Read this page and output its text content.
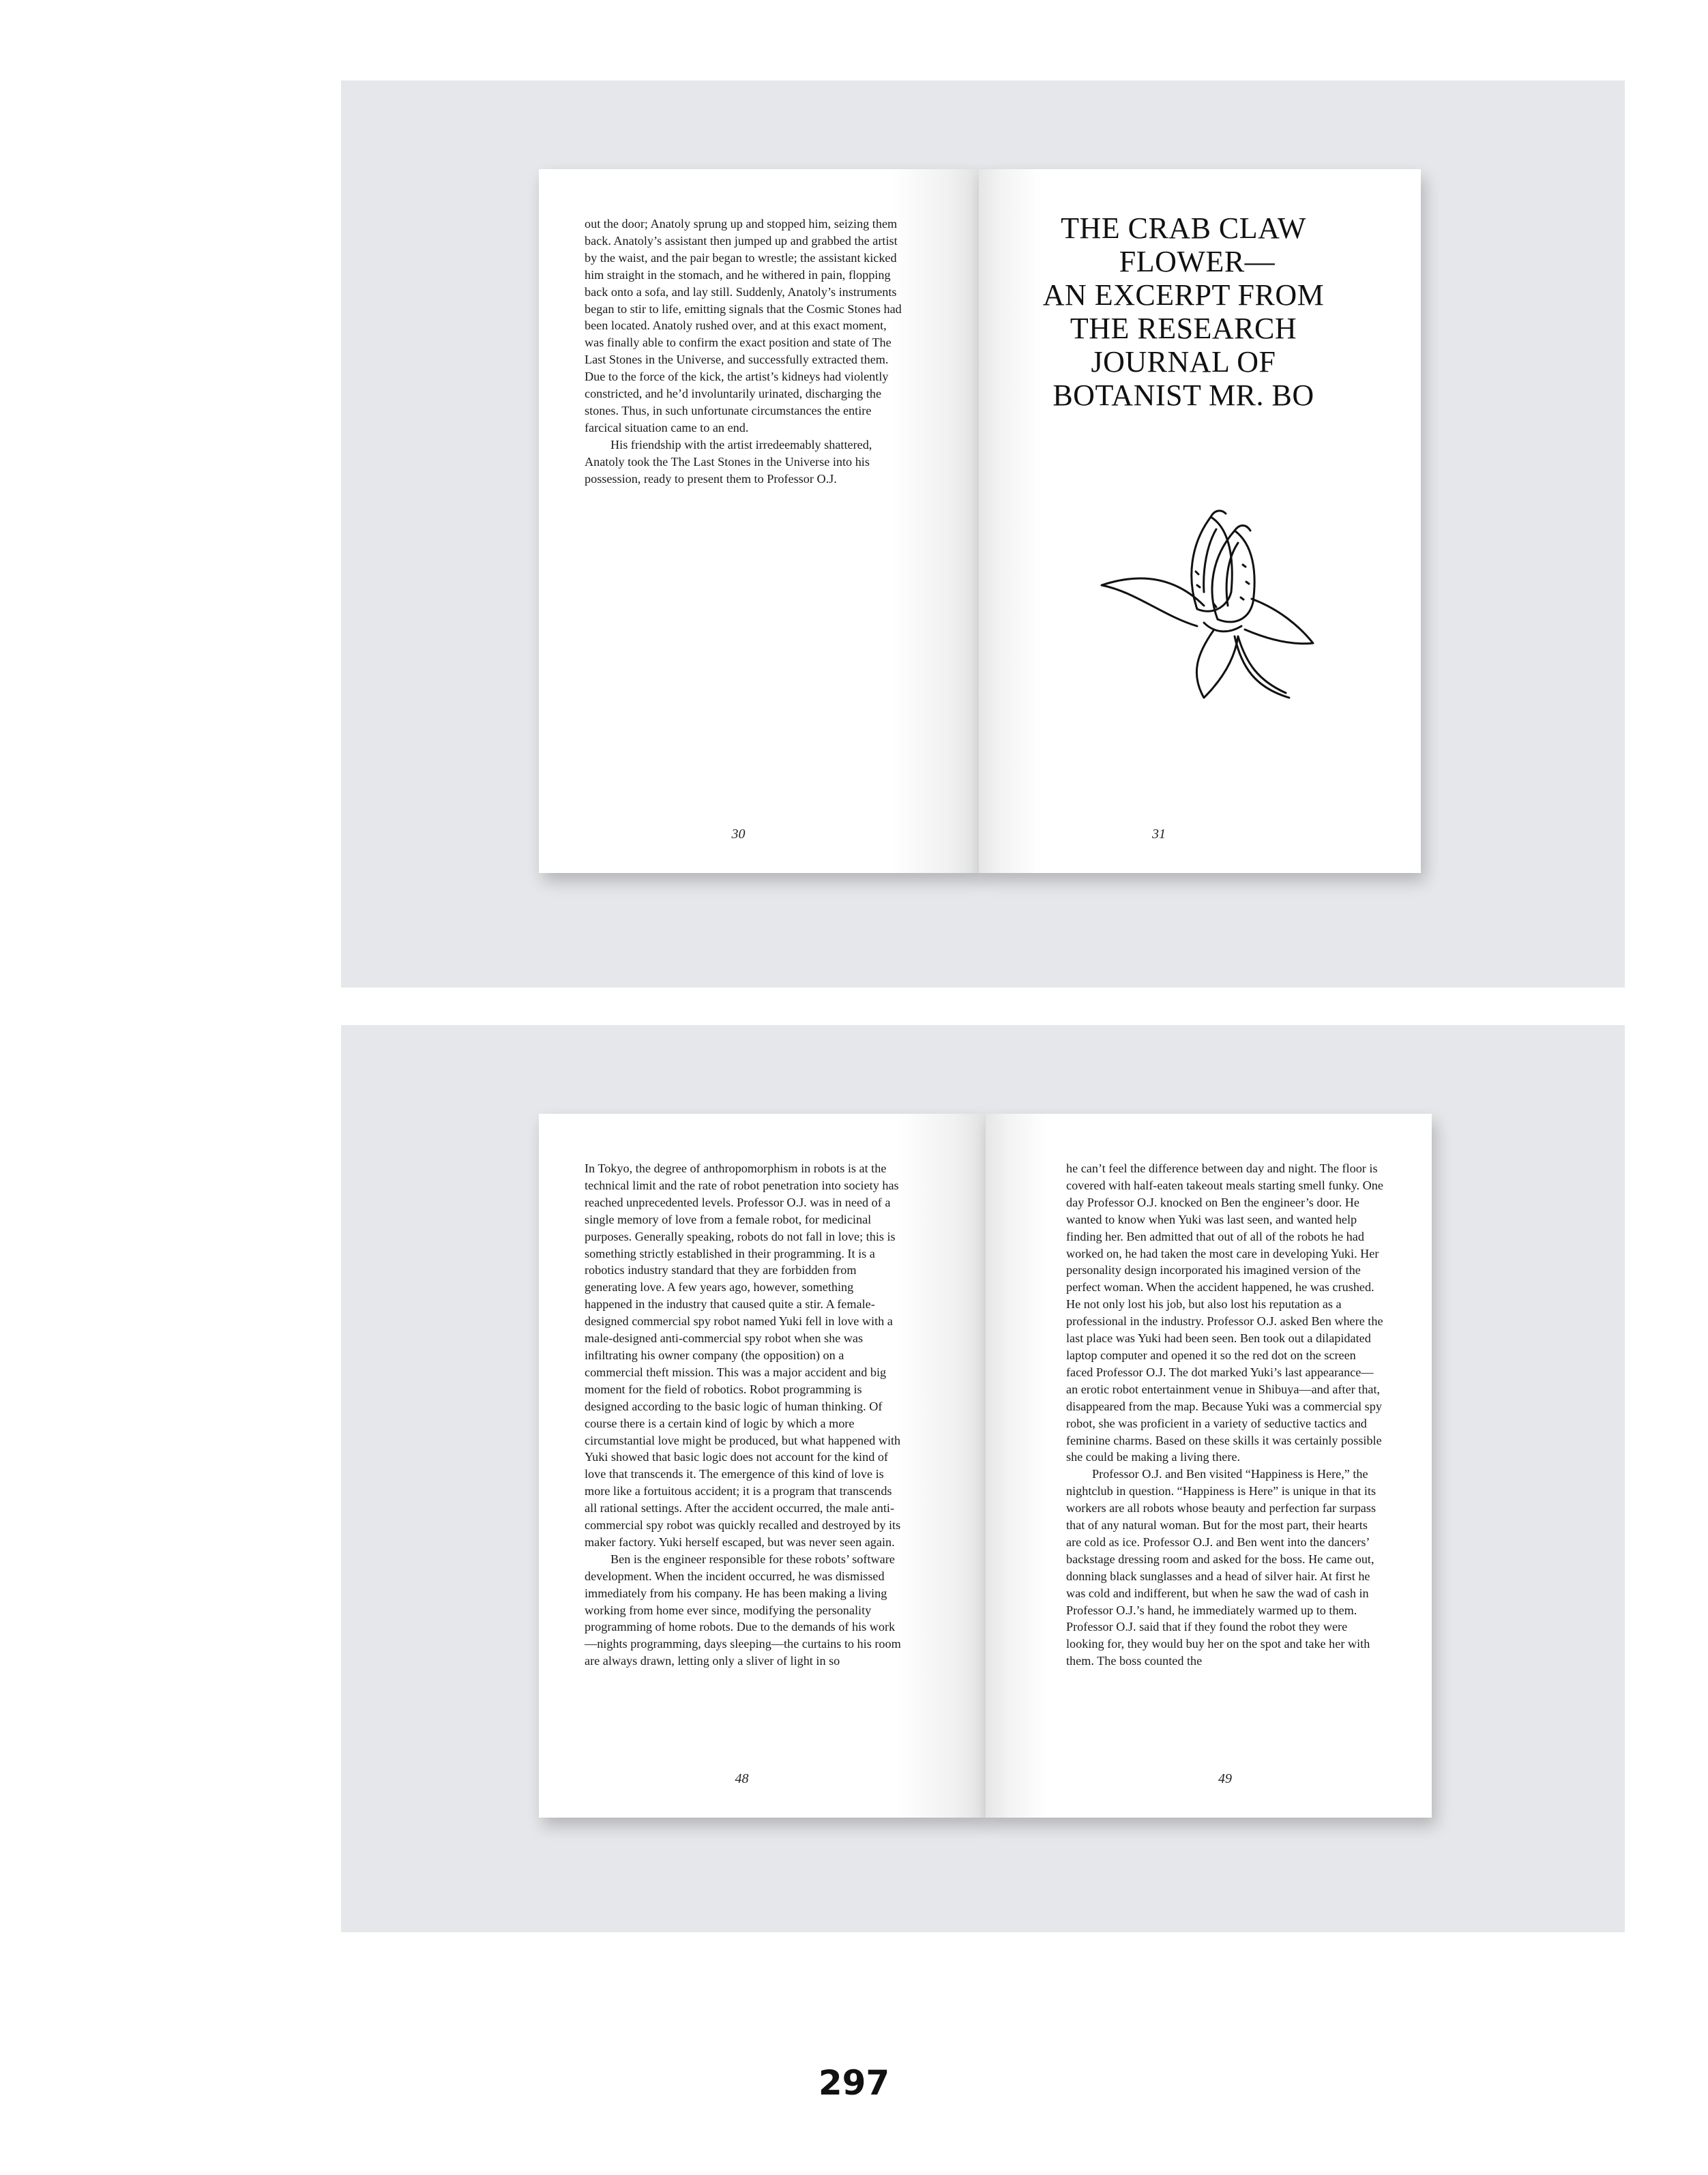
out the door; Anatoly sprung up and stopped him, seizing them back. Anatoly’s assistant then jumped up and grabbed the artist by the waist, and the pair began to wrestle; the assistant kicked him straight in the stomach, and he withered in pain, flopping back onto a sofa, and lay still. Suddenly, Anatoly’s instruments began to stir to life, emitting signals that the Cosmic Stones had been located. Anatoly rushed over, and at this exact moment, was finally able to confirm the exact position and state of The Last Stones in the Universe, and successfully extracted them. Due to the force of the kick, the artist’s kidneys had violently constricted, and he’d involuntarily urinated, discharging the stones. Thus, in such unfortunate circumstances the entire farcical situation came to an end.

His friendship with the artist irredeemably shattered, Anatoly took the The Last Stones in the Universe into his possession, ready to present them to Professor O.J.

30
THE CRAB CLAW
FLOWER—
AN EXCERPT FROM
THE RESEARCH
JOURNAL OF
BOTANIST MR. BO
31

In Tokyo, the degree of anthropomorphism in robots is at the technical limit and the rate of robot penetration into society has reached unprecedented levels. Professor O.J. was in need of a single memory of love from a female robot, for medicinal purposes. Generally speaking, robots do not fall in love; this is something strictly established in their programming. It is a robotics industry standard that they are forbidden from generating love. A few years ago, however, something happened in the industry that caused quite a stir. A female-designed commercial spy robot named Yuki fell in love with a male-designed anti-commercial spy robot when she was infiltrating his owner company (the opposition) on a commercial theft mission. This was a major accident and big moment for the field of robotics. Robot programming is designed according to the basic logic of human thinking. Of course there is a certain kind of logic by which a more circumstantial love might be produced, but what happened with Yuki showed that basic logic does not account for the kind of love that transcends it. The emergence of this kind of love is more like a fortuitous accident; it is a program that transcends all rational settings. After the accident occurred, the male anti-commercial spy robot was quickly recalled and destroyed by its maker factory. Yuki herself escaped, but was never seen again.

Ben is the engineer responsible for these robots’ software development. When the incident occurred, he was dismissed immediately from his company. He has been making a living working from home ever since, modifying the personality programming of home robots. Due to the demands of his work—nights programming, days sleeping—the curtains to his room are always drawn, letting only a sliver of light in so

48

he can’t feel the difference between day and night. The floor is covered with half-eaten takeout meals starting smell funky. One day Professor O.J. knocked on Ben the engineer’s door. He wanted to know when Yuki was last seen, and wanted help finding her. Ben admitted that out of all of the robots he had worked on, he had taken the most care in developing Yuki. Her personality design incorporated his imagined version of the perfect woman. When the accident happened, he was crushed. He not only lost his job, but also lost his reputation as a professional in the industry. Professor O.J. asked Ben where the last place was Yuki had been seen. Ben took out a dilapidated laptop computer and opened it so the red dot on the screen faced Professor O.J. The dot marked Yuki’s last appearance—an erotic robot entertainment venue in Shibuya—and after that, disappeared from the map. Because Yuki was a commercial spy robot, she was proficient in a variety of seductive tactics and feminine charms. Based on these skills it was certainly possible she could be making a living there.

Professor O.J. and Ben visited “Happiness is Here,” the nightclub in question. “Happiness is Here” is unique in that its workers are all robots whose beauty and perfection far surpass that of any natural woman. But for the most part, their hearts are cold as ice. Professor O.J. and Ben went into the dancers’ backstage dressing room and asked for the boss. He came out, donning black sunglasses and a head of silver hair. At first he was cold and indifferent, but when he saw the wad of cash in Professor O.J.’s hand, he immediately warmed up to them. Professor O.J. said that if they found the robot they were looking for, they would buy her on the spot and take her with them. The boss counted the

49
297
